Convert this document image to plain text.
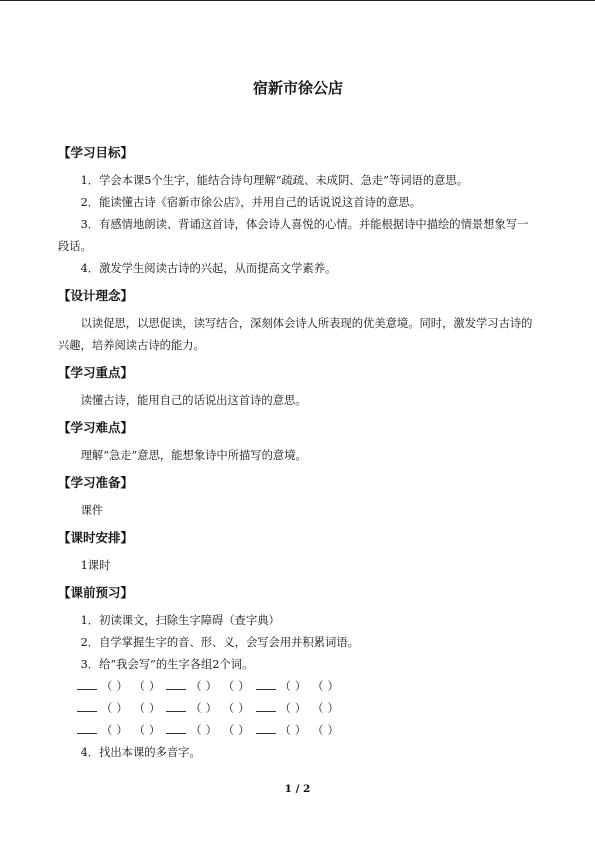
宿新市徐公店
【学习目标】

1．学会本课5个生字，能结合诗句理解“疏疏、未成阴、急走”等词语的意思。

2．能读懂古诗《宿新市徐公店》，并用自己的话说说这首诗的意思。

3．有感情地朗读、背诵这首诗，体会诗人喜悦的心情。并能根据诗中描绘的情景想象写一段话。

4．激发学生阅读古诗的兴起，从而提高文学素养。

【设计理念】

以读促思，以思促读，读写结合，深刻体会诗人所表现的优美意境。同时，激发学习古诗的兴趣，培养阅读古诗的能力。

【学习重点】

读懂古诗，能用自己的话说出这首诗的意思。

【学习难点】

理解“急走”意思，能想象诗中所描写的意境。

【学习准备】

课件

【课时安排】

1课时

【课前预习】

1．初读课文，扫除生字障碍（查字典）

2．自学掌握生字的音、形、义，会写会用并积累词语。

3．给“我会写”的生字各组2个词。

（ ） （ ）	（ ） （ ）	（ ） （ ）
（ ） （ ）	（ ） （ ）	（ ） （ ）
（ ） （ ）	（ ） （ ）	（ ） （ ）

4．找出本课的多音字。

1 / 2
